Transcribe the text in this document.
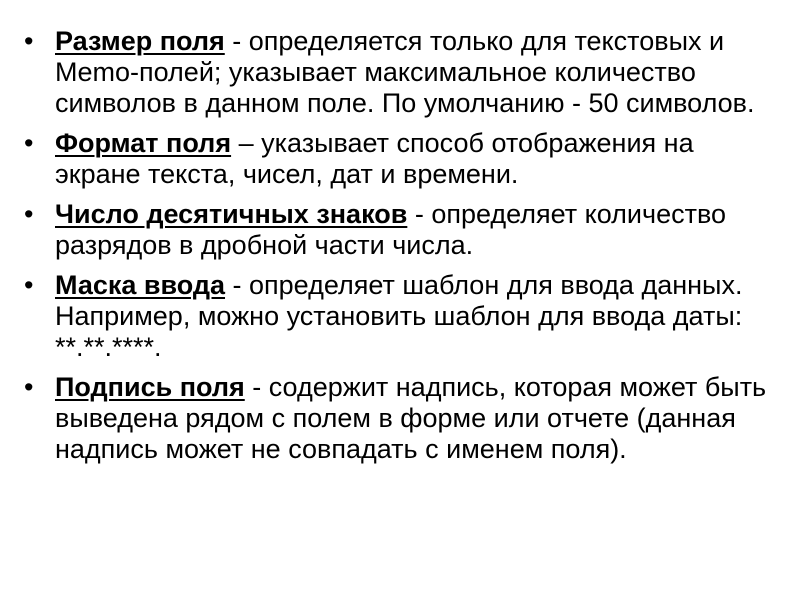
• Размер поля - определяется только для текстовых и Memo-полей; указывает максимальное количество символов в данном поле. По умолчанию - 50 символов.
• Формат поля – указывает способ отображения на экране текста, чисел, дат и времени.
• Число десятичных знаков - определяет количество разрядов в дробной части числа.
• Маска ввода - определяет шаблон для ввода данных. Например, можно установить шаблон для ввода даты: **.**.****.
• Подпись поля - содержит надпись, которая может быть выведена рядом с полем в форме или отчете (данная надпись может не совпадать с именем поля).
